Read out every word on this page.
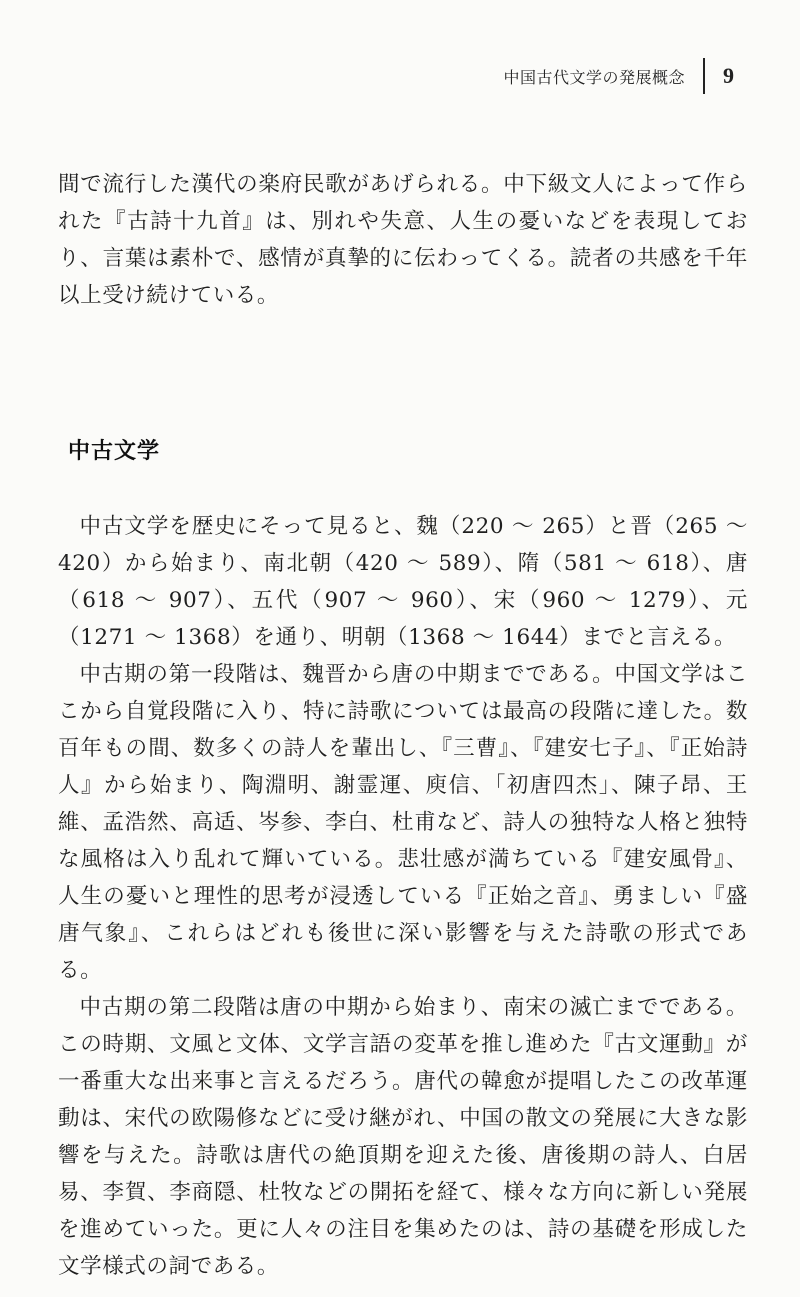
中国古代文学の発展概念	9

間で流行した漢代の楽府民歌があげられる。中下級文人によって作られた『古詩十九首』は、別れや失意、人生の憂いなどを表現しており、言葉は素朴で、感情が真摯的に伝わってくる。読者の共感を千年以上受け続けている。

中古文学

中古文学を歴史にそって見ると、魏（220 ～ 265）と晋（265 ～ 420）から始まり、南北朝（420 ～ 589）、隋（581 ～ 618）、唐（618 ～ 907）、五代（907 ～ 960）、宋（960 ～ 1279）、元（1271 ～ 1368）を通り、明朝（1368 ～ 1644）までと言える。

中古期の第一段階は、魏晋から唐の中期までである。中国文学はここから自覚段階に入り、特に詩歌については最高の段階に達した。数百年もの間、数多くの詩人を輩出し、『三曹』、『建安七子』、『正始詩人』から始まり、陶淵明、謝霊運、庾信、「初唐四杰」、陳子昂、王維、孟浩然、高适、岑参、李白、杜甫など、詩人の独特な人格と独特な風格は入り乱れて輝いている。悲壮感が満ちている『建安風骨』、人生の憂いと理性的思考が浸透している『正始之音』、勇ましい『盛唐气象』、これらはどれも後世に深い影響を与えた詩歌の形式である。

中古期の第二段階は唐の中期から始まり、南宋の滅亡までである。この時期、文風と文体、文学言語の変革を推し進めた『古文運動』が一番重大な出来事と言えるだろう。唐代の韓愈が提唱したこの改革運動は、宋代の欧陽修などに受け継がれ、中国の散文の発展に大きな影響を与えた。詩歌は唐代の絶頂期を迎えた後、唐後期の詩人、白居易、李賀、李商隠、杜牧などの開拓を経て、様々な方向に新しい発展を進めていった。更に人々の注目を集めたのは、詩の基礎を形成した文学様式の詞である。
